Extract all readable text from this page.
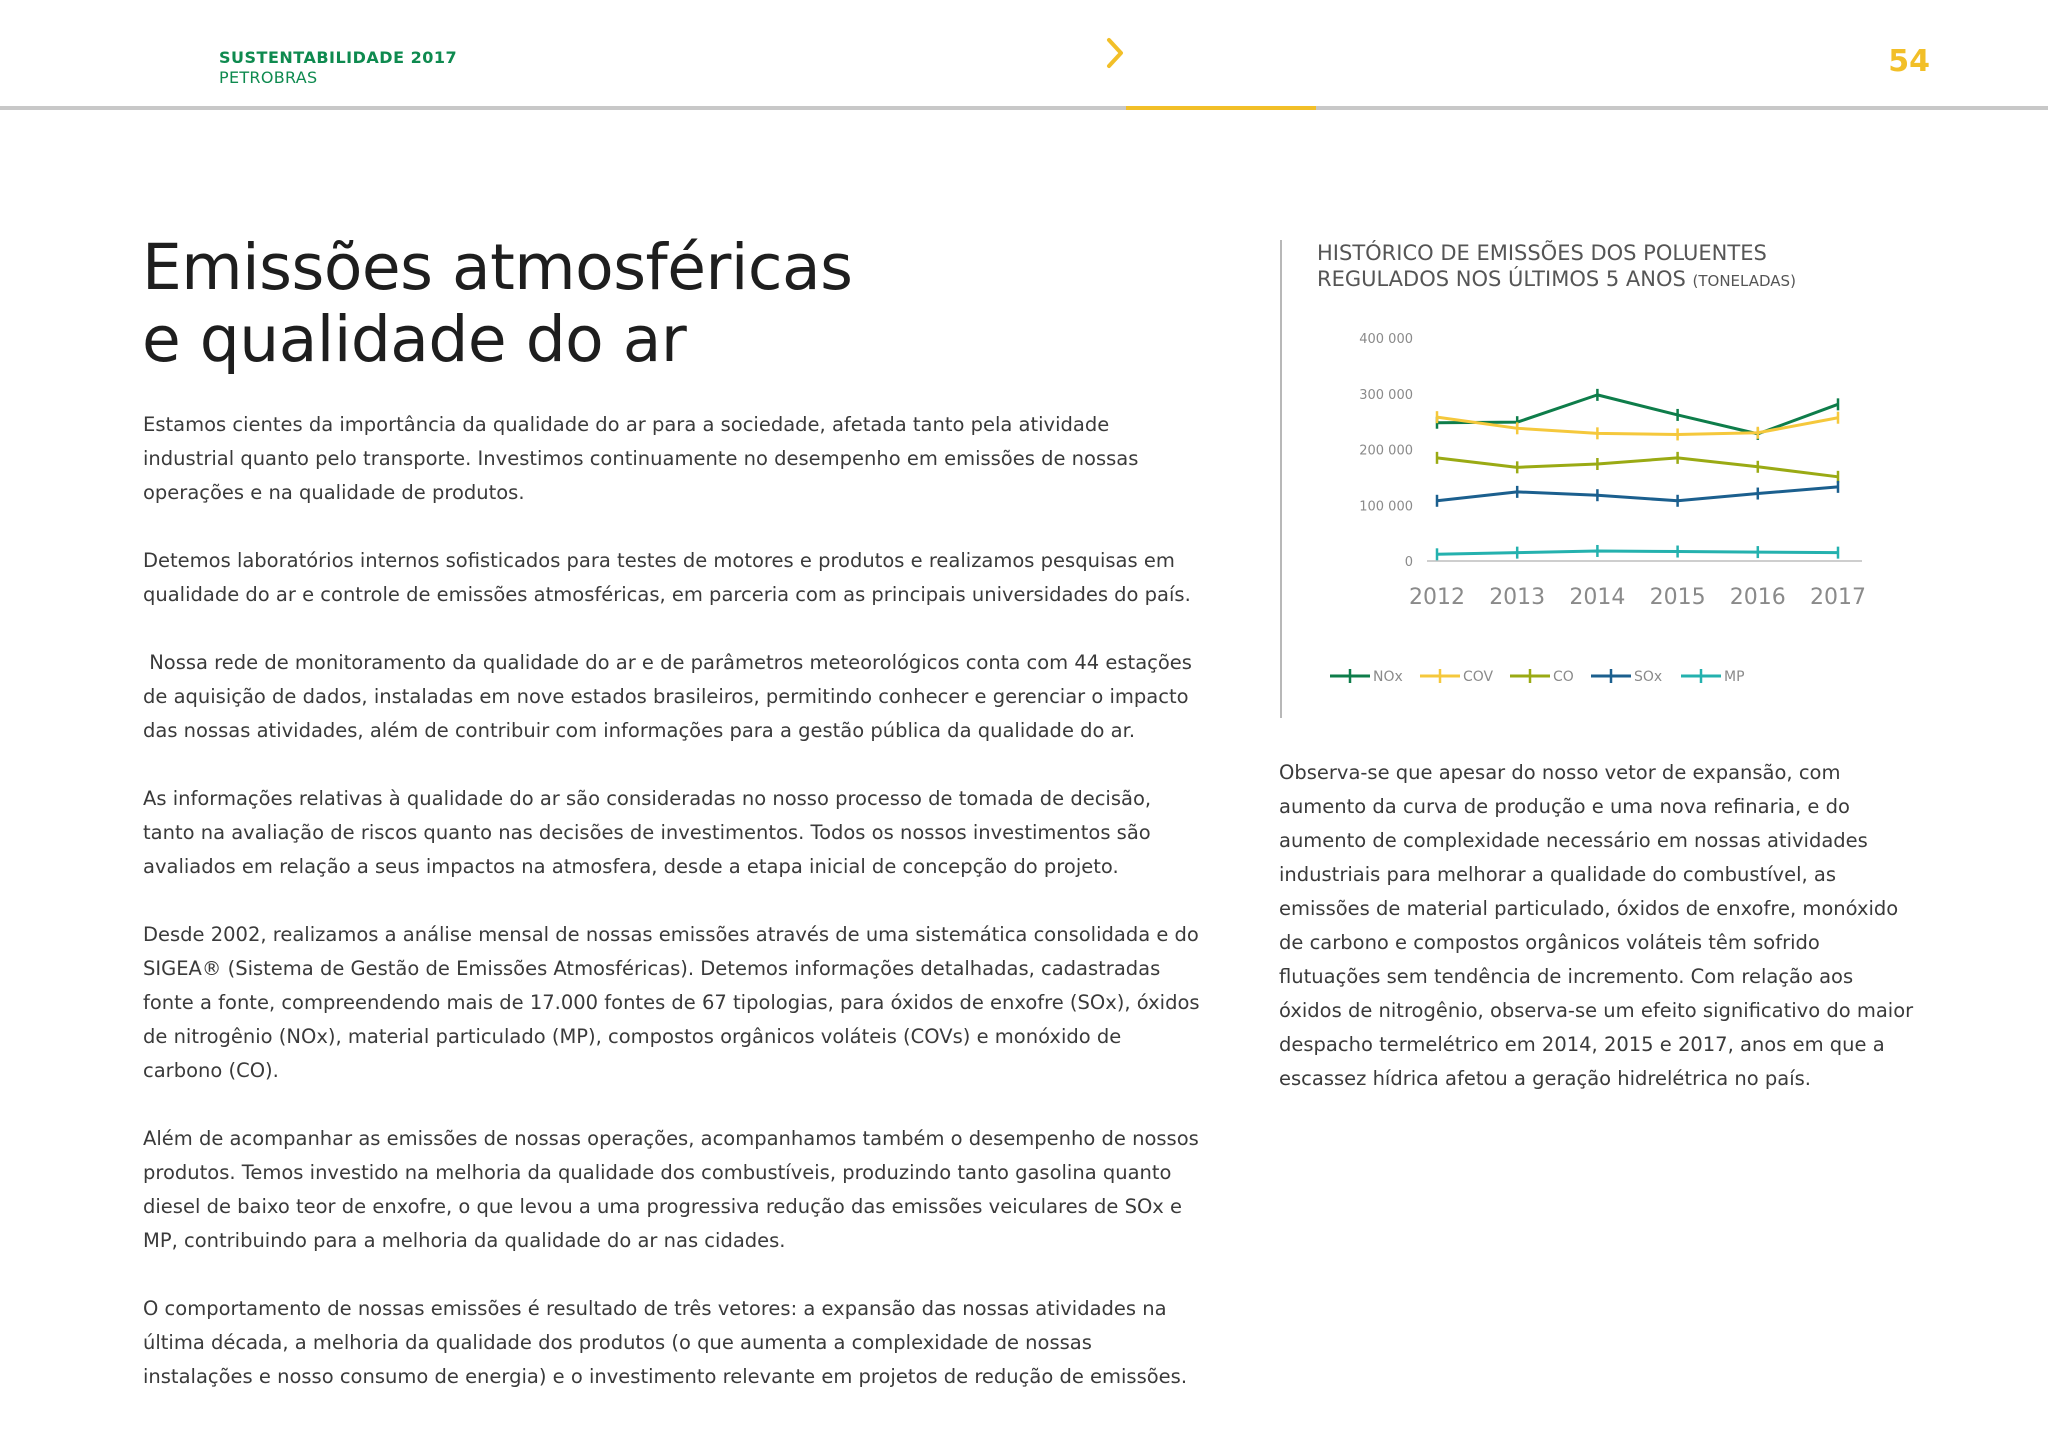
SUSTENTABILIDADE 2017
PETROBRAS	54
Emissões atmosféricas
e qualidade do ar

Estamos cientes da importância da qualidade do ar para a sociedade, afetada tanto pela atividade industrial quanto pelo transporte. Investimos continuamente no desempenho em emissões de nossas operações e na qualidade de produtos.

Detemos laboratórios internos sofisticados para testes de motores e produtos e realizamos pesquisas em qualidade do ar e controle de emissões atmosféricas, em parceria com as principais universidades do país.

Nossa rede de monitoramento da qualidade do ar e de parâmetros meteorológicos conta com 44 estações de aquisição de dados, instaladas em nove estados brasileiros, permitindo conhecer e gerenciar o impacto das nossas atividades, além de contribuir com informações para a gestão pública da qualidade do ar.

As informações relativas à qualidade do ar são consideradas no nosso processo de tomada de decisão, tanto na avaliação de riscos quanto nas decisões de investimentos. Todos os nossos investimentos são avaliados em relação a seus impactos na atmosfera, desde a etapa inicial de concepção do projeto.

Desde 2002, realizamos a análise mensal de nossas emissões através de uma sistemática consolidada e do SIGEA® (Sistema de Gestão de Emissões Atmosféricas). Detemos informações detalhadas, cadastradas fonte a fonte, compreendendo mais de 17.000 fontes de 67 tipologias, para óxidos de enxofre (SOx), óxidos de nitrogênio (NOx), material particulado (MP), compostos orgânicos voláteis (COVs) e monóxido de carbono (CO).

Além de acompanhar as emissões de nossas operações, acompanhamos também o desempenho de nossos produtos. Temos investido na melhoria da qualidade dos combustíveis, produzindo tanto gasolina quanto diesel de baixo teor de enxofre, o que levou a uma progressiva redução das emissões veiculares de SOx e MP, contribuindo para a melhoria da qualidade do ar nas cidades.

O comportamento de nossas emissões é resultado de três vetores: a expansão das nossas atividades na última década, a melhoria da qualidade dos produtos (o que aumenta a complexidade de nossas instalações e nosso consumo de energia) e o investimento relevante em projetos de redução de emissões.

HISTÓRICO DE EMISSÕES DOS POLUENTES
REGULADOS NOS ÚLTIMOS 5 ANOS (TONELADAS)
0
100 000
200 000
300 000
400 000
2012 2013 2014 2015 2016 2017
NOx	COV	CO	SOx	MP

Observa-se que apesar do nosso vetor de expansão, com aumento da curva de produção e uma nova refinaria, e do aumento de complexidade necessário em nossas atividades industriais para melhorar a qualidade do combustível, as emissões de material particulado, óxidos de enxofre, monóxido de carbono e compostos orgânicos voláteis têm sofrido flutuações sem tendência de incremento. Com relação aos óxidos de nitrogênio, observa-se um efeito significativo do maior despacho termelétrico em 2014, 2015 e 2017, anos em que a escassez hídrica afetou a geração hidrelétrica no país.
